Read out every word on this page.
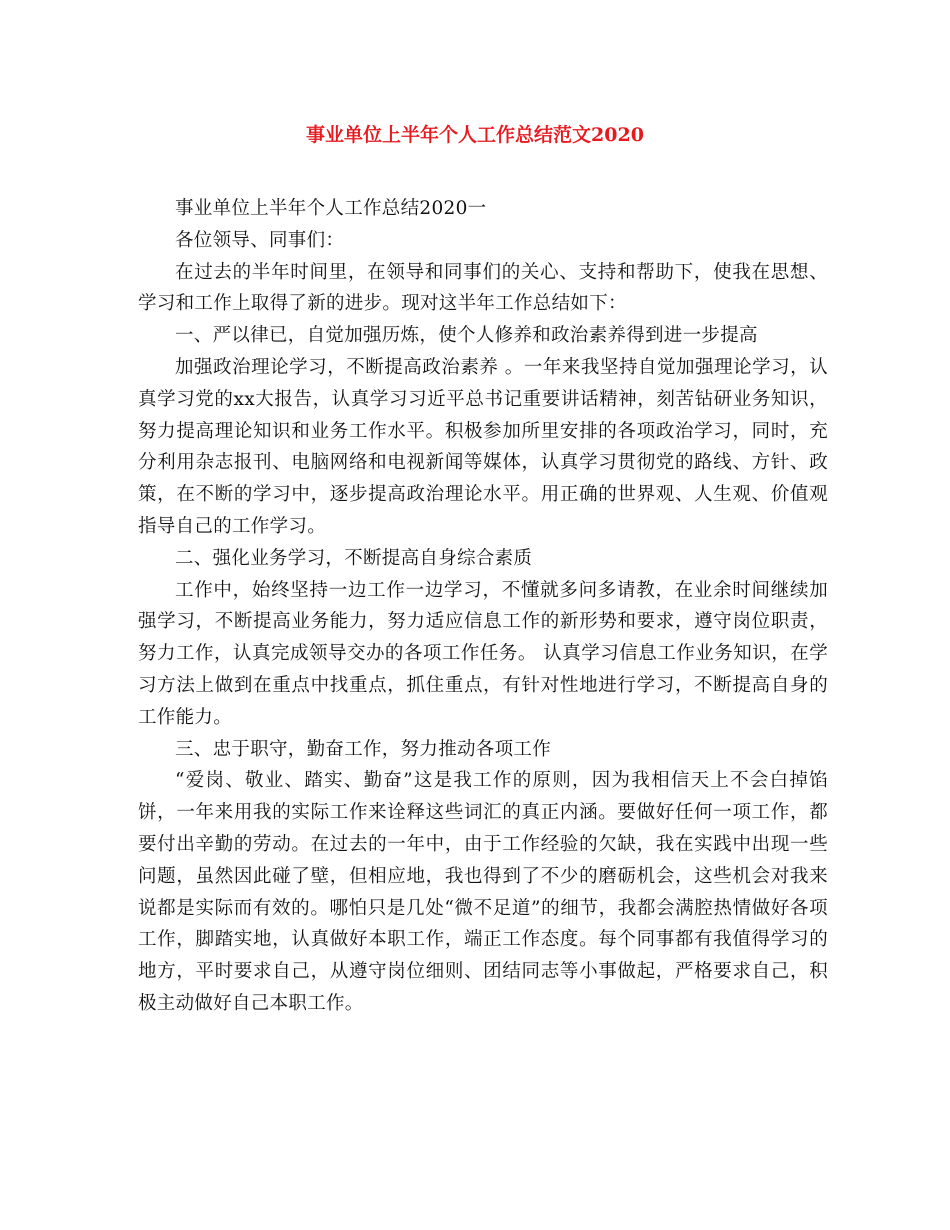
事业单位上半年个人工作总结范文2020

事业单位上半年个人工作总结2020一

各位领导、同事们：

在过去的半年时间里，在领导和同事们的关心、支持和帮助下，使我在思想、学习和工作上取得了新的进步。现对这半年工作总结如下：

一、严以律已，自觉加强历炼，使个人修养和政治素养得到进一步提高

加强政治理论学习，不断提高政治素养 。一年来我坚持自觉加强理论学习，认真学习党的xx大报告，认真学习习近平总书记重要讲话精神，刻苦钻研业务知识，努力提高理论知识和业务工作水平。积极参加所里安排的各项政治学习，同时，充分利用杂志报刊、电脑网络和电视新闻等媒体，认真学习贯彻党的路线、方针、政策，在不断的学习中，逐步提高政治理论水平。用正确的世界观、人生观、价值观指导自己的工作学习。

二、强化业务学习，不断提高自身综合素质

工作中，始终坚持一边工作一边学习，不懂就多问多请教，在业余时间继续加强学习，不断提高业务能力，努力适应信息工作的新形势和要求，遵守岗位职责，努力工作，认真完成领导交办的各项工作任务。 认真学习信息工作业务知识，在学习方法上做到在重点中找重点，抓住重点，有针对性地进行学习，不断提高自身的工作能力。

三、忠于职守，勤奋工作，努力推动各项工作

“爱岗、敬业、踏实、勤奋”这是我工作的原则，因为我相信天上不会白掉馅饼，一年来用我的实际工作来诠释这些词汇的真正内涵。要做好任何一项工作，都要付出辛勤的劳动。在过去的一年中，由于工作经验的欠缺，我在实践中出现一些问题，虽然因此碰了壁，但相应地，我也得到了不少的磨砺机会，这些机会对我来说都是实际而有效的。哪怕只是几处“微不足道”的细节，我都会满腔热情做好各项工作，脚踏实地，认真做好本职工作，端正工作态度。每个同事都有我值得学习的地方，平时要求自己，从遵守岗位细则、团结同志等小事做起，严格要求自己，积极主动做好自己本职工作。
